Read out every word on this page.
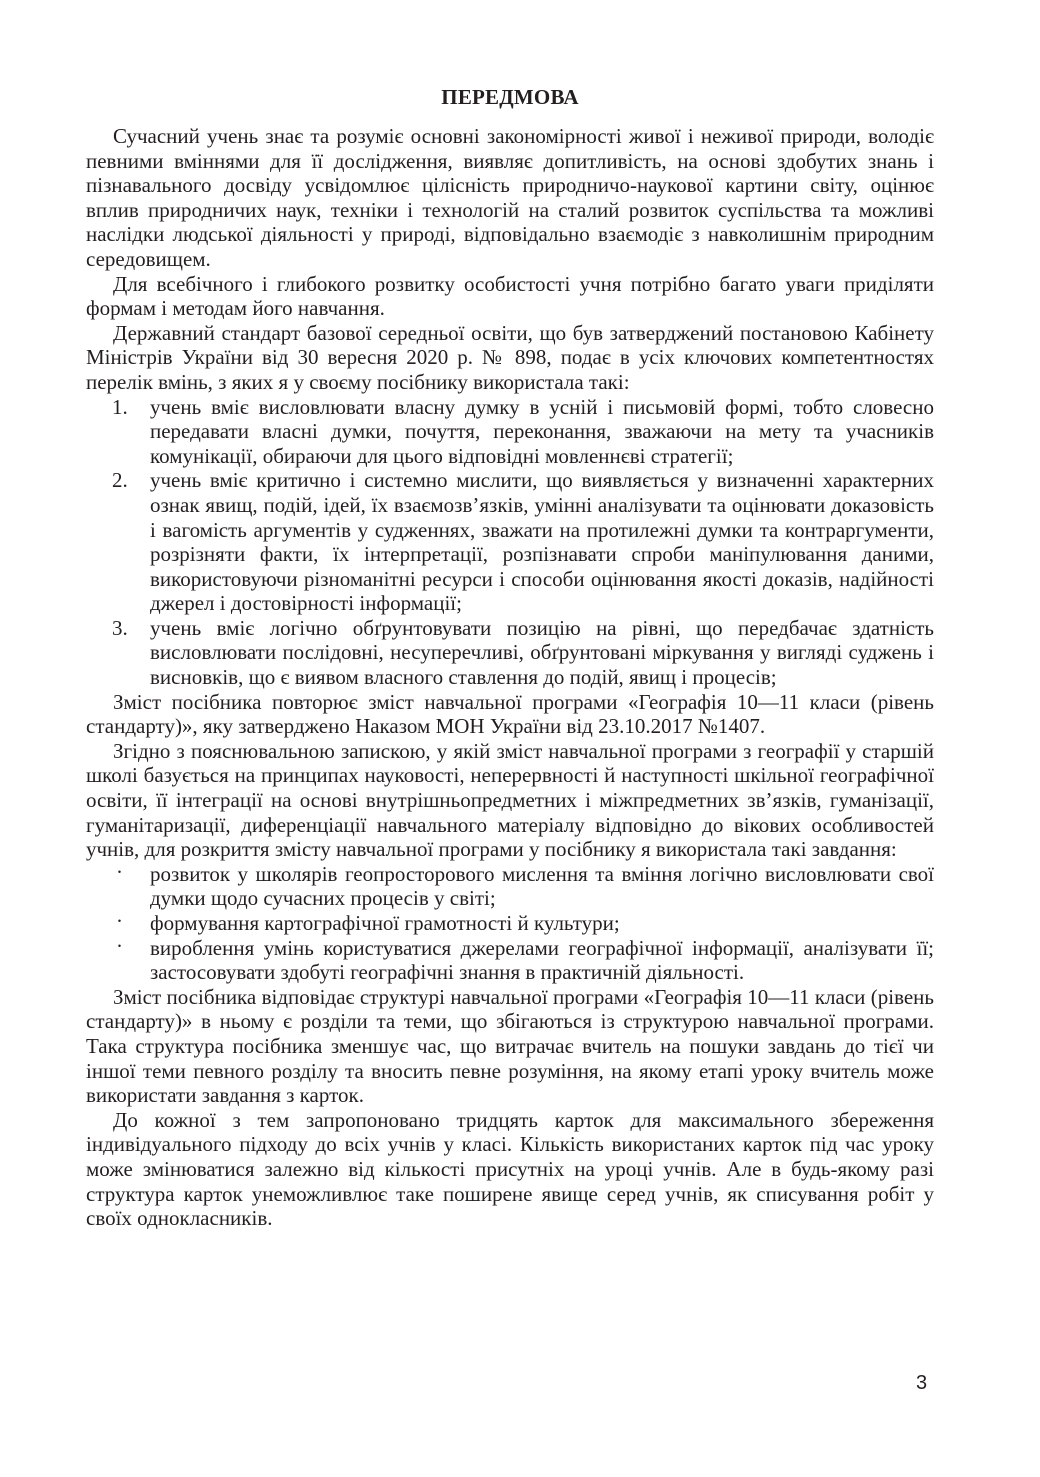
ПЕРЕДМОВА

Сучасний учень знає та розуміє основні закономірності живої і неживої природи, володіє певними вміннями для її дослідження, виявляє допитливість, на основі здобутих знань і пізнавального досвіду усвідомлює цілісність природничо-наукової картини світу, оцінює вплив природничих наук, техніки і технологій на сталий розвиток суспільства та можливі наслідки людської діяльності у природі, відповідально взаємодіє з навколишнім природним середовищем.

Для всебічного і глибокого розвитку особистості учня потрібно багато уваги приділяти формам і методам його навчання.

Державний стандарт базової середньої освіти, що був затверджений постановою Кабінету Міністрів України від 30 вересня 2020 р. № 898, подає в усіх ключових компетентностях перелік вмінь, з яких я у своєму посібнику використала такі:

1. учень вміє висловлювати власну думку в усній і письмовій формі, тобто словесно передавати власні думки, почуття, переконання, зважаючи на мету та учасників комунікації, обираючи для цього відповідні мовленнєві стратегії;
2. учень вміє критично і системно мислити, що виявляється у визначенні характерних ознак явищ, подій, ідей, їх взаємозв’язків, умінні аналізувати та оцінювати доказовість і вагомість аргументів у судженнях, зважати на протилежні думки та контраргументи, розрізняти факти, їх інтерпретації, розпізнавати спроби маніпулювання даними, використовуючи різноманітні ресурси і способи оцінювання якості доказів, надійності джерел і достовірності інформації;
3. учень вміє логічно обґрунтовувати позицію на рівні, що передбачає здатність висловлювати послідовні, несуперечливі, обґрунтовані міркування у вигляді суджень і висновків, що є виявом власного ставлення до подій, явищ і процесів;

Зміст посібника повторює зміст навчальної програми «Географія 10—11 класи (рівень стандарту)», яку затверджено Наказом МОН України від 23.10.2017 №1407.

Згідно з пояснювальною запискою, у якій зміст навчальної програми з географії у старшій школі базується на принципах науковості, неперервності й наступності шкільної географічної освіти, її інтеграції на основі внутрішньопредметних і міжпредметних зв’язків, гуманізації, гуманітаризації, диференціації навчального матеріалу відповідно до вікових особливостей учнів, для розкриття змісту навчальної програми у посібнику я використала такі завдання:

· розвиток у школярів геопросторового мислення та вміння логічно висловлювати свої думки щодо сучасних процесів у світі;
· формування картографічної грамотності й культури;
· вироблення умінь користуватися джерелами географічної інформації, аналізувати її; застосовувати здобуті географічні знання в практичній діяльності.

Зміст посібника відповідає структурі навчальної програми «Географія 10—11 класи (рівень стандарту)» в ньому є розділи та теми, що збігаються із структурою навчальної програми. Така структура посібника зменшує час, що витрачає вчитель на пошуки завдань до тієї чи іншої теми певного розділу та вносить певне розуміння, на якому етапі уроку вчитель може використати завдання з карток.

До кожної з тем запропоновано тридцять карток для максимального збереження індивідуального підходу до всіх учнів у класі. Кількість використаних карток під час уроку може змінюватися залежно від кількості присутніх на уроці учнів. Але в будь-якому разі структура карток унеможливлює таке поширене явище серед учнів, як списування робіт у своїх однокласників.

3
